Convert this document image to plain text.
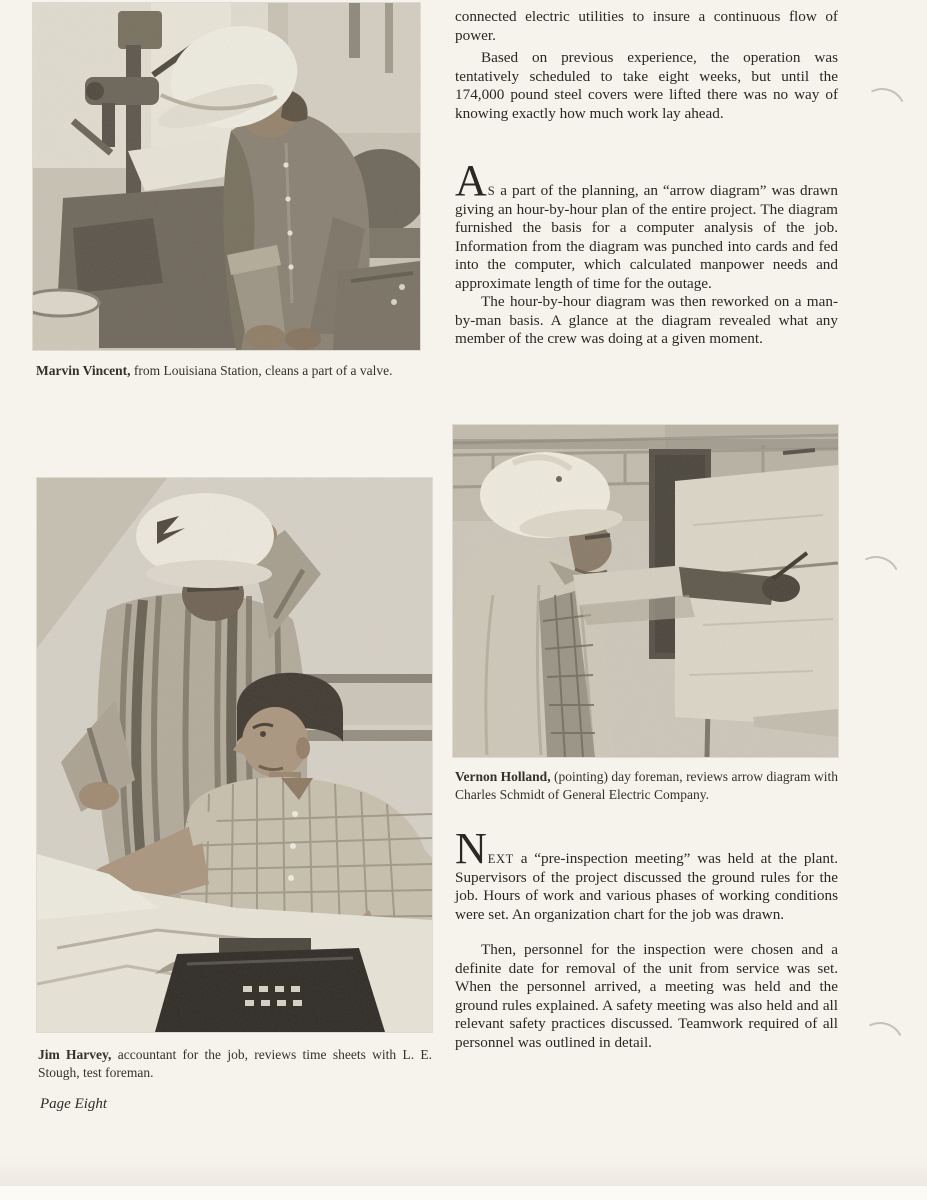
Marvin Vincent, from Louisiana Station, cleans a part of a valve.
Jim Harvey, accountant for the job, reviews time sheets with L. E. Stough, test foreman.
Vernon Holland, (pointing) day foreman, reviews arrow diagram with Charles Schmidt of General Electric Company.

connected electric utilities to insure a continuous flow of power.

Based on previous experience, the operation was tentatively scheduled to take eight weeks, but until the 174,000 pound steel covers were lifted there was no way of knowing exactly how much work lay ahead.

AS a part of the planning, an “arrow diagram” was drawn giving an hour-by-hour plan of the entire project. The diagram furnished the basis for a computer analysis of the job. Information from the diagram was punched into cards and fed into the computer, which calculated manpower needs and approximate length of time for the outage.

The hour-by-hour diagram was then reworked on a man-by-man basis. A glance at the diagram revealed what any member of the crew was doing at a given moment.

NEXT a “pre-inspection meeting” was held at the plant. Supervisors of the project discussed the ground rules for the job. Hours of work and various phases of working conditions were set. An organization chart for the job was drawn.

Then, personnel for the inspection were chosen and a definite date for removal of the unit from service was set. When the personnel arrived, a meeting was held and the ground rules explained. A safety meeting was also held and all relevant safety practices discussed. Teamwork required of all personnel was outlined in detail.

Page Eight
